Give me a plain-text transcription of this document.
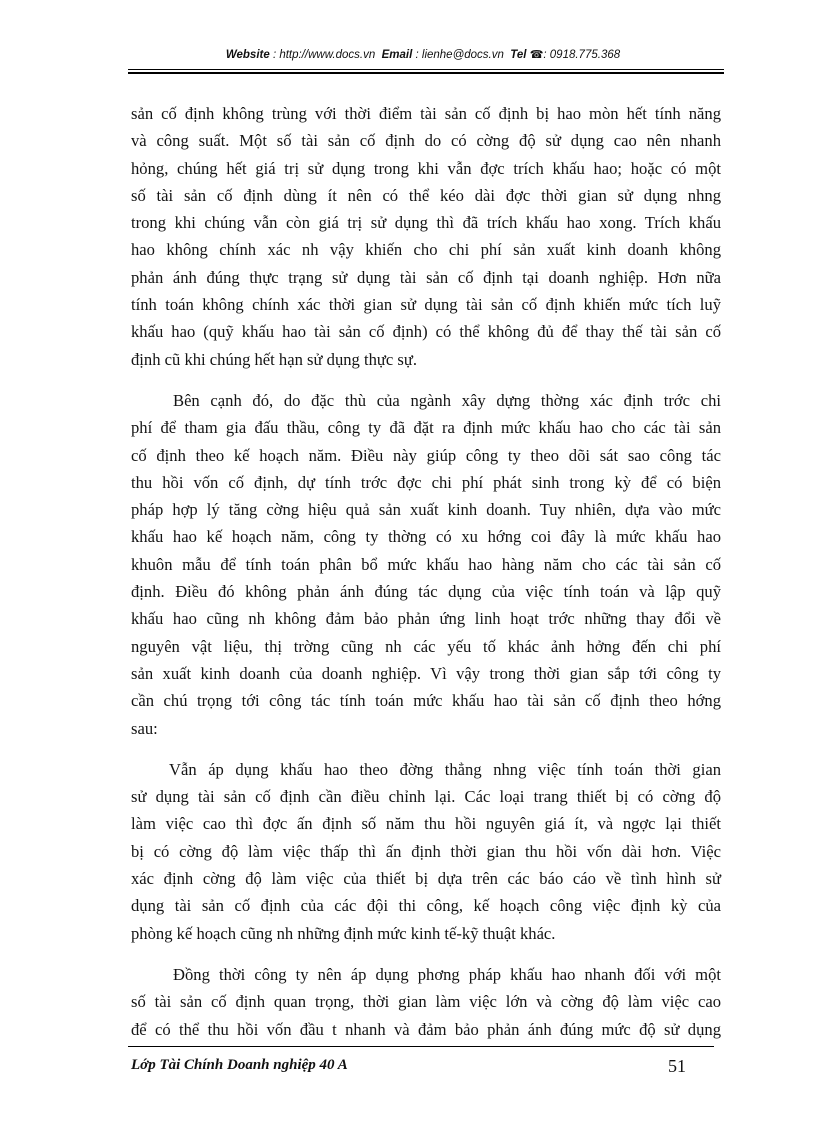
Website : http://www.docs.vn Email : lienhe@docs.vn Tel ☎: 0918.775.368

sản cố định không trùng với thời điểm tài sản cố định bị hao mòn hết tính năng
và công suất. Một số tài sản cố định do có cờng độ sử dụng cao nên nhanh
hỏng, chúng hết giá trị sử dụng trong khi vẫn đợc trích khấu hao; hoặc có một
số tài sản cố định dùng ít nên có thể kéo dài đợc thời gian sử dụng nhng
trong khi chúng vẫn còn giá trị sử dụng thì đã trích khấu hao xong. Trích khấu
hao không chính xác nh vậy khiến cho chi phí sản xuất kinh doanh không
phản ánh đúng thực trạng sử dụng tài sản cố định tại doanh nghiệp. Hơn nữa
tính toán không chính xác thời gian sử dụng tài sản cố định khiến mức tích luỹ
khấu hao (quỹ khấu hao tài sản cố định) có thể không đủ để thay thế tài sản cố
định cũ khi chúng hết hạn sử dụng thực sự.

Bên cạnh đó, do đặc thù của ngành xây dựng thờng xác định trớc chi
phí để tham gia đấu thầu, công ty đã đặt ra định mức khấu hao cho các tài sản
cố định theo kế hoạch năm. Điều này giúp công ty theo dõi sát sao công tác
thu hồi vốn cố định, dự tính trớc đợc chi phí phát sinh trong kỳ để có biện
pháp hợp lý tăng cờng hiệu quả sản xuất kinh doanh. Tuy nhiên, dựa vào mức
khấu hao kế hoạch năm, công ty thờng có xu hớng coi đây là mức khấu hao
khuôn mẫu để tính toán phân bổ mức khấu hao hàng năm cho các tài sản cố
định. Điều đó không phản ánh đúng tác dụng của việc tính toán và lập quỹ
khấu hao cũng nh không đảm bảo phản ứng linh hoạt trớc những thay đổi về
nguyên vật liệu, thị trờng cũng nh các yếu tố khác ảnh hởng đến chi phí
sản xuất kinh doanh của doanh nghiệp. Vì vậy trong thời gian sắp tới công ty
cần chú trọng tới công tác tính toán mức khấu hao tài sản cố định theo hớng
sau:

Vẫn áp dụng khấu hao theo đờng thẳng nhng việc tính toán thời gian
sử dụng tài sản cố định cần điều chỉnh lại. Các loại trang thiết bị có cờng độ
làm việc cao thì đợc ấn định số năm thu hồi nguyên giá ít, và ngợc lại thiết
bị có cờng độ làm việc thấp thì ấn định thời gian thu hồi vốn dài hơn. Việc
xác định cờng độ làm việc của thiết bị dựa trên các báo cáo về tình hình sử
dụng tài sản cố định của các đội thi công, kế hoạch công việc định kỳ của
phòng kế hoạch cũng nh những định mức kinh tế-kỹ thuật khác.

Đồng thời công ty nên áp dụng phơng pháp khấu hao nhanh đối với một
số tài sản cố định quan trọng, thời gian làm việc lớn và cờng độ làm việc cao
để có thể thu hồi vốn đầu t nhanh và đảm bảo phản ánh đúng mức độ sử dụng

Lớp Tài Chính Doanh nghiệp 40 A	51
